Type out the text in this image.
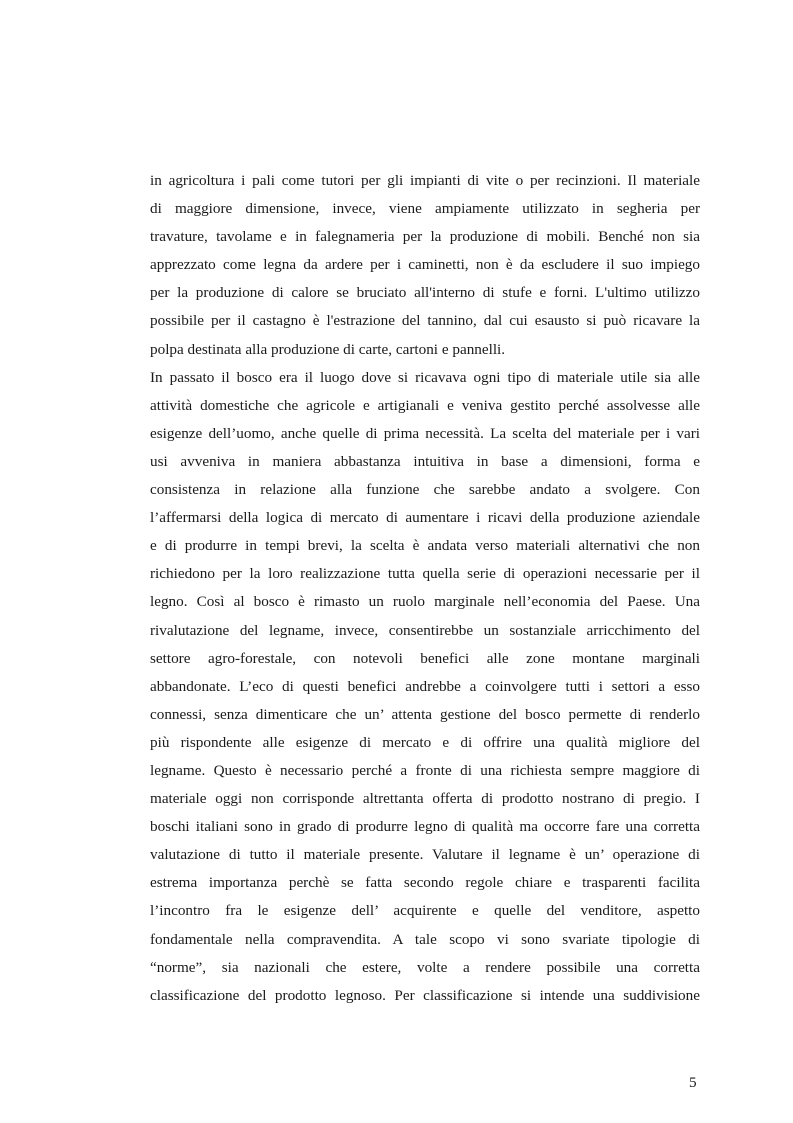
in agricoltura i pali come tutori per gli impianti di vite o per recinzioni. Il materiale
di maggiore dimensione, invece, viene ampiamente utilizzato in segheria per
travature, tavolame e in falegnameria per la produzione di mobili. Benché non sia
apprezzato come legna da ardere per i caminetti, non è da escludere il suo impiego
per la produzione di calore se bruciato all'interno di stufe e forni. L'ultimo utilizzo
possibile per il castagno è l'estrazione del tannino, dal cui esausto si può ricavare la
polpa destinata alla produzione di carte, cartoni e pannelli.
In passato il bosco era il luogo dove si ricavava ogni tipo di materiale utile sia alle
attività domestiche che agricole e artigianali e veniva gestito perché assolvesse alle
esigenze dell’uomo, anche quelle di prima necessità. La scelta del materiale per i vari
usi avveniva in maniera abbastanza intuitiva in base a dimensioni, forma e
consistenza in relazione alla funzione che sarebbe andato a svolgere. Con
l’affermarsi della logica di mercato di aumentare i ricavi della produzione aziendale
e di produrre in tempi brevi, la scelta è andata verso materiali alternativi che non
richiedono per la loro realizzazione tutta quella serie di operazioni necessarie per il
legno. Così al bosco è rimasto un ruolo marginale nell’economia del Paese. Una
rivalutazione del legname, invece, consentirebbe un sostanziale arricchimento del
settore agro-forestale, con notevoli benefici alle zone montane marginali
abbandonate. L’eco di questi benefici andrebbe a coinvolgere tutti i settori a esso
connessi, senza dimenticare che un’ attenta gestione del bosco permette di renderlo
più rispondente alle esigenze di mercato e di offrire una qualità migliore del
legname. Questo è necessario perché a fronte di una richiesta sempre maggiore di
materiale oggi non corrisponde altrettanta offerta di prodotto nostrano di pregio. I
boschi italiani sono in grado di produrre legno di qualità ma occorre fare una corretta
valutazione di tutto il materiale presente. Valutare il legname è un’ operazione di
estrema importanza perchè se fatta secondo regole chiare e trasparenti facilita
l’incontro fra le esigenze dell’ acquirente e quelle del venditore, aspetto
fondamentale nella compravendita. A tale scopo vi sono svariate tipologie di
“norme”, sia nazionali che estere, volte a rendere possibile una corretta
classificazione del prodotto legnoso. Per classificazione si intende una suddivisione
5
